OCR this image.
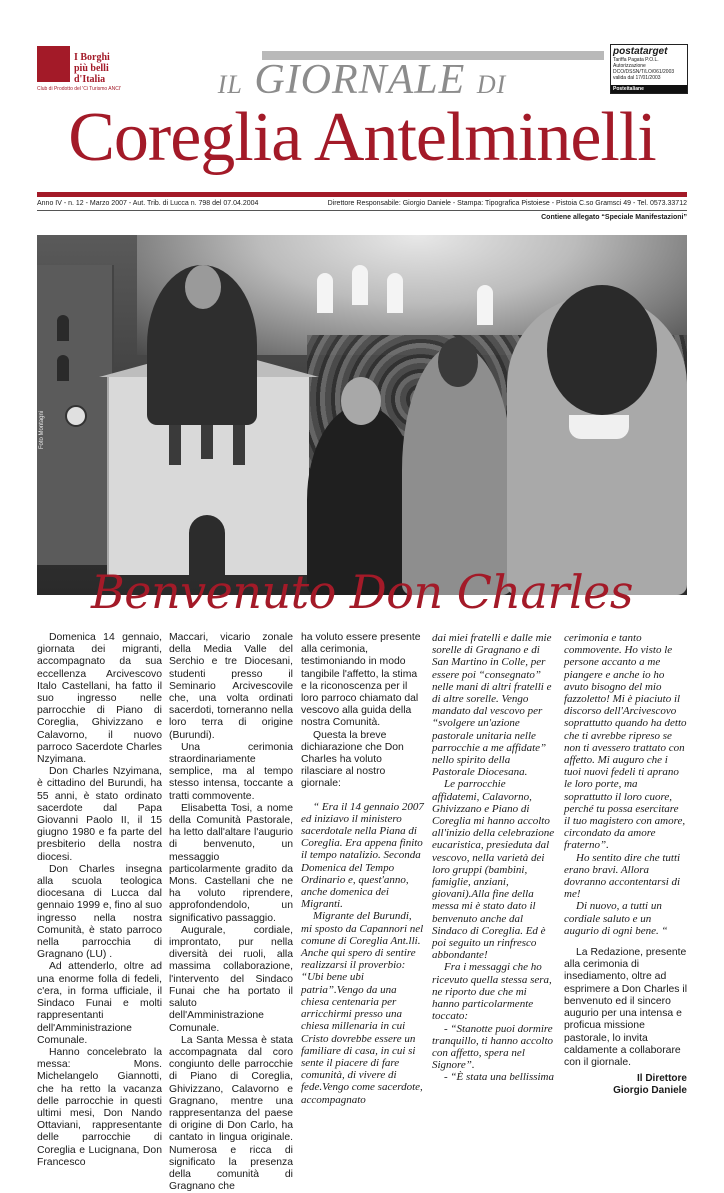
I Borghi
più belli
d'Italia
Club di Prodotto del 'Ci Turismo ANCI'	IL GIORNALE DI
Coreglia Antelminelli
postatarget
Tariffa Pagata P.O.L.
Autorizzazione
DCO/DSSN/T/LO/061/2003
valida dal 17/01/2003
Posteitaliane
Anno IV - n. 12 - Marzo 2007 - Aut. Trib. di Lucca n. 798 del 07.04.2004	Direttore Responsabile: Giorgio Daniele - Stampa: Tipografica Pistoiese - Pistoia C.so Gramsci 49 - Tel. 0573.33712
Contiene allegato “Speciale Manifestazioni”
Foto Montagni
Benvenuto Don Charles

Domenica 14 gennaio, giornata dei migranti, accompagnato da sua eccellenza Arcivescovo Italo Castellani, ha fatto il suo ingresso nelle parrocchie di Piano di Coreglia, Ghivizzano e Calavorno, il nuovo parroco Sacerdote Charles Nzyimana.

Don Charles Nzyimana, è cittadino del Burundi, ha 55 anni, è stato ordinato sacerdote dal Papa Giovanni Paolo II, il 15 giugno 1980 e fa parte del presbiterio della nostra diocesi.

Don Charles insegna alla scuola teologica diocesana di Lucca dal gennaio 1999 e, fino al suo ingresso nella nostra Comunità, è stato parroco nella parrocchia di Gragnano (LU) .

Ad attenderlo, oltre ad una enorme folla di fedeli, c'era, in forma ufficiale, il Sindaco Funai e molti rappresentanti dell'Amministrazione Comunale.

Hanno concelebrato la messa: Mons. Michelangelo Giannotti, che ha retto la vacanza delle parrocchie in questi ultimi mesi, Don Nando Ottaviani, rappresentante delle parrocchie di Coreglia e Lucignana, Don Francesco

Maccari, vicario zonale della Media Valle del Serchio e tre Diocesani, studenti presso il Seminario Arcivescovile che, una volta ordinati sacerdoti, torneranno nella loro terra di origine (Burundi).

Una cerimonia straordinariamente semplice, ma al tempo stesso intensa, toccante a tratti commovente.

Elisabetta Tosi, a nome della Comunità Pastorale, ha letto dall'altare l'augurio di benvenuto, un messaggio particolarmente gradito da Mons. Castellani che ne ha voluto riprendere, approfondendolo, un significativo passaggio.

Augurale, cordiale, improntato, pur nella diversità dei ruoli, alla massima collaborazione, l'intervento del Sindaco Funai che ha portato il saluto dell'Amministrazione Comunale.

La Santa Messa è stata accompagnata dal coro congiunto delle parrocchie di Piano di Coreglia, Ghivizzano, Calavorno e Gragnano, mentre una rappresentanza del paese di origine di Don Carlo, ha cantato in lingua originale. Numerosa e ricca di significato la presenza della comunità di Gragnano che

ha voluto essere presente alla cerimonia, testimoniando in modo tangibile l'affetto, la stima e la riconoscenza per il loro parroco chiamato dal vescovo alla guida della nostra Comunità.

Questa la breve dichiarazione che Don Charles ha voluto rilasciare al nostro giornale:

“ Era il 14 gennaio 2007 ed iniziavo il ministero sacerdotale nella Piana di Coreglia. Era appena finito il tempo natalizio. Seconda Domenica del Tempo Ordinario e, quest'anno, anche domenica dei Migranti.

Migrante del Burundi, mi sposto da Capannori nel comune di Coreglia Ant.lli. Anche qui spero di sentire realizzarsi il proverbio: “Ubi bene ubi patria”.Vengo da una chiesa centenaria per arricchirmi presso una chiesa millenaria in cui Cristo dovrebbe essere un familiare di casa, in cui si sente il piacere di fare comunità, di vivere di fede.Vengo come sacerdote, accompagnato

dai miei fratelli e dalle mie sorelle di Gragnano e di San Martino in Colle, per essere poi “consegnato” nelle mani di altri fratelli e di altre sorelle. Vengo mandato dal vescovo per “svolgere un'azione pastorale unitaria nelle parrocchie a me affidate” nello spirito della Pastorale Diocesana.

Le parrocchie affidatemi, Calavorno, Ghivizzano e Piano di Coreglia mi hanno accolto all'inizio della celebrazione eucaristica, presieduta dal vescovo, nella varietà dei loro gruppi (bambini, famiglie, anziani, giovani).Alla fine della messa mi è stato dato il benvenuto anche dal Sindaco di Coreglia. Ed è poi seguito un rinfresco abbondante!

Fra i messaggi che ho ricevuto quella stessa sera, ne riporto due che mi hanno particolarmente toccato:

- “Stanotte puoi dormire tranquillo, ti hanno accolto con affetto, spera nel Signore”.

- “È stata una bellissima

cerimonia e tanto commovente. Ho visto le persone accanto a me piangere e anche io ho avuto bisogno del mio fazzoletto! Mi è piaciuto il discorso dell'Arcivescovo soprattutto quando ha detto che ti avrebbe ripreso se non ti avessero trattato con affetto. Mi auguro che i tuoi nuovi fedeli ti aprano le loro porte, ma soprattutto il loro cuore, perché tu possa esercitare il tuo magistero con amore, circondato da amore fraterno”.

Ho sentito dire che tutti erano bravi. Allora dovranno accontentarsi di me!

Di nuovo, a tutti un cordiale saluto e un augurio di ogni bene. “

La Redazione, presente alla cerimonia di insediamento, oltre ad esprimere a Don Charles il benvenuto ed il sincero augurio per una intensa e proficua missione pastorale, lo invita caldamente a collaborare con il giornale.

Il Direttore
Giorgio Daniele
